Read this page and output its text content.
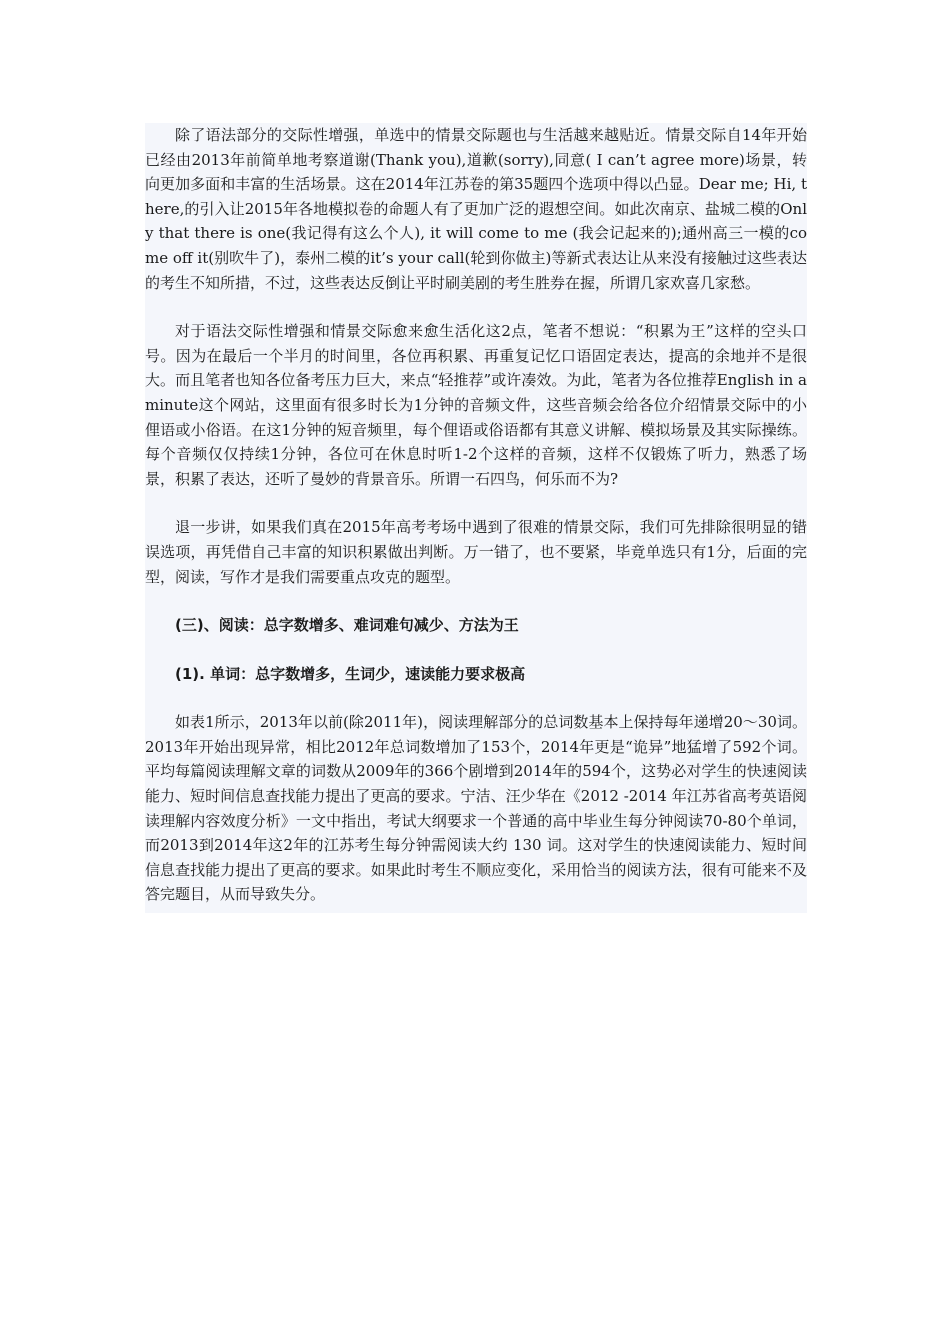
除了语法部分的交际性增强，单选中的情景交际题也与生活越来越贴近。情景交际自14年开始已经由2013年前简单地考察道谢(Thank you),道歉(sorry),同意( I can’t agree more)场景，转向更加多面和丰富的生活场景。这在2014年江苏卷的第35题四个选项中得以凸显。Dear me; Hi, there,的引入让2015年各地模拟卷的命题人有了更加广泛的遐想空间。如此次南京、盐城二模的Only that there is one(我记得有这么个人), it will come to me (我会记起来的);通州高三一模的come off it(别吹牛了)，泰州二模的it’s your call(轮到你做主)等新式表达让从来没有接触过这些表达的考生不知所措，不过，这些表达反倒让平时刷美剧的考生胜券在握，所谓几家欢喜几家愁。

对于语法交际性增强和情景交际愈来愈生活化这2点，笔者不想说：“积累为王”这样的空头口号。因为在最后一个半月的时间里，各位再积累、再重复记忆口语固定表达，提高的余地并不是很大。而且笔者也知各位备考压力巨大，来点“轻推荐”或许凑效。为此，笔者为各位推荐English in a minute这个网站，这里面有很多时长为1分钟的音频文件，这些音频会给各位介绍情景交际中的小俚语或小俗语。在这1分钟的短音频里，每个俚语或俗语都有其意义讲解、模拟场景及其实际操练。每个音频仅仅持续1分钟，各位可在休息时听1-2个这样的音频，这样不仅锻炼了听力，熟悉了场景，积累了表达，还听了曼妙的背景音乐。所谓一石四鸟，何乐而不为?

退一步讲，如果我们真在2015年高考考场中遇到了很难的情景交际，我们可先排除很明显的错误选项，再凭借自己丰富的知识积累做出判断。万一错了，也不要紧，毕竟单选只有1分，后面的完型，阅读，写作才是我们需要重点攻克的题型。

(三)、阅读：总字数增多、难词难句减少、方法为王

(1). 单词：总字数增多，生词少，速读能力要求极高

如表1所示，2013年以前(除2011年)，阅读理解部分的总词数基本上保持每年递增20～30词。2013年开始出现异常，相比2012年总词数增加了153个，2014年更是“诡异”地猛增了592个词。平均每篇阅读理解文章的词数从2009年的366个剧增到2014年的594个，这势必对学生的快速阅读能力、短时间信息查找能力提出了更高的要求。宁洁、汪少华在《2012 -2014 年江苏省高考英语阅读理解内容效度分析》一文中指出，考试大纲要求一个普通的高中毕业生每分钟阅读70-80个单词，而2013到2014年这2年的江苏考生每分钟需阅读大约 130 词。这对学生的快速阅读能力、短时间信息查找能力提出了更高的要求。如果此时考生不顺应变化，采用恰当的阅读方法，很有可能来不及答完题目，从而导致失分。
